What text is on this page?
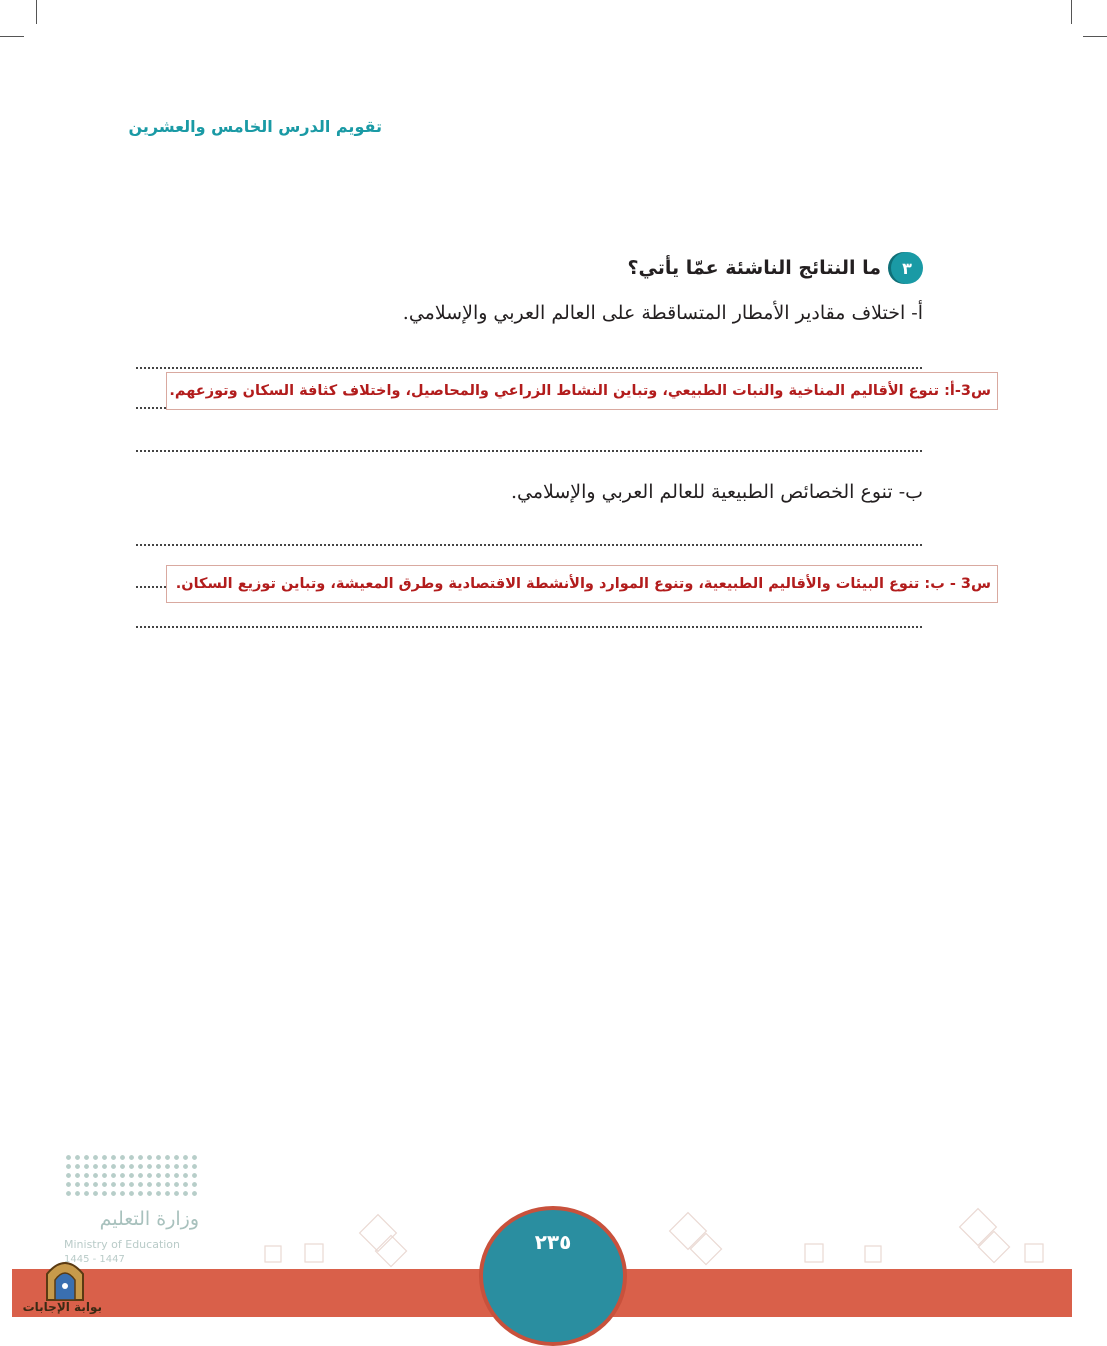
تقويم الدرس الخامس والعشرين
٣
ما النتائج الناشئة عمّا يأتي؟
أ- اختلاف مقادير الأمطار المتساقطة على العالم العربي والإسلامي.
س3-أ: تنوع الأقاليم المناخية والنبات الطبيعي، وتباين النشاط الزراعي والمحاصيل، واختلاف كثافة السكان وتوزعهم.
ب- تنوع الخصائص الطبيعية للعالم العربي والإسلامي.
س3 - ب: تنوع البيئات والأقاليم الطبيعية، وتنوع الموارد والأنشطة الاقتصادية وطرق المعيشة، وتباين توزيع السكان.
وزارة التعليم
Ministry of Education
1445 - 1447
٢٣٥
بوابة الإجابات
